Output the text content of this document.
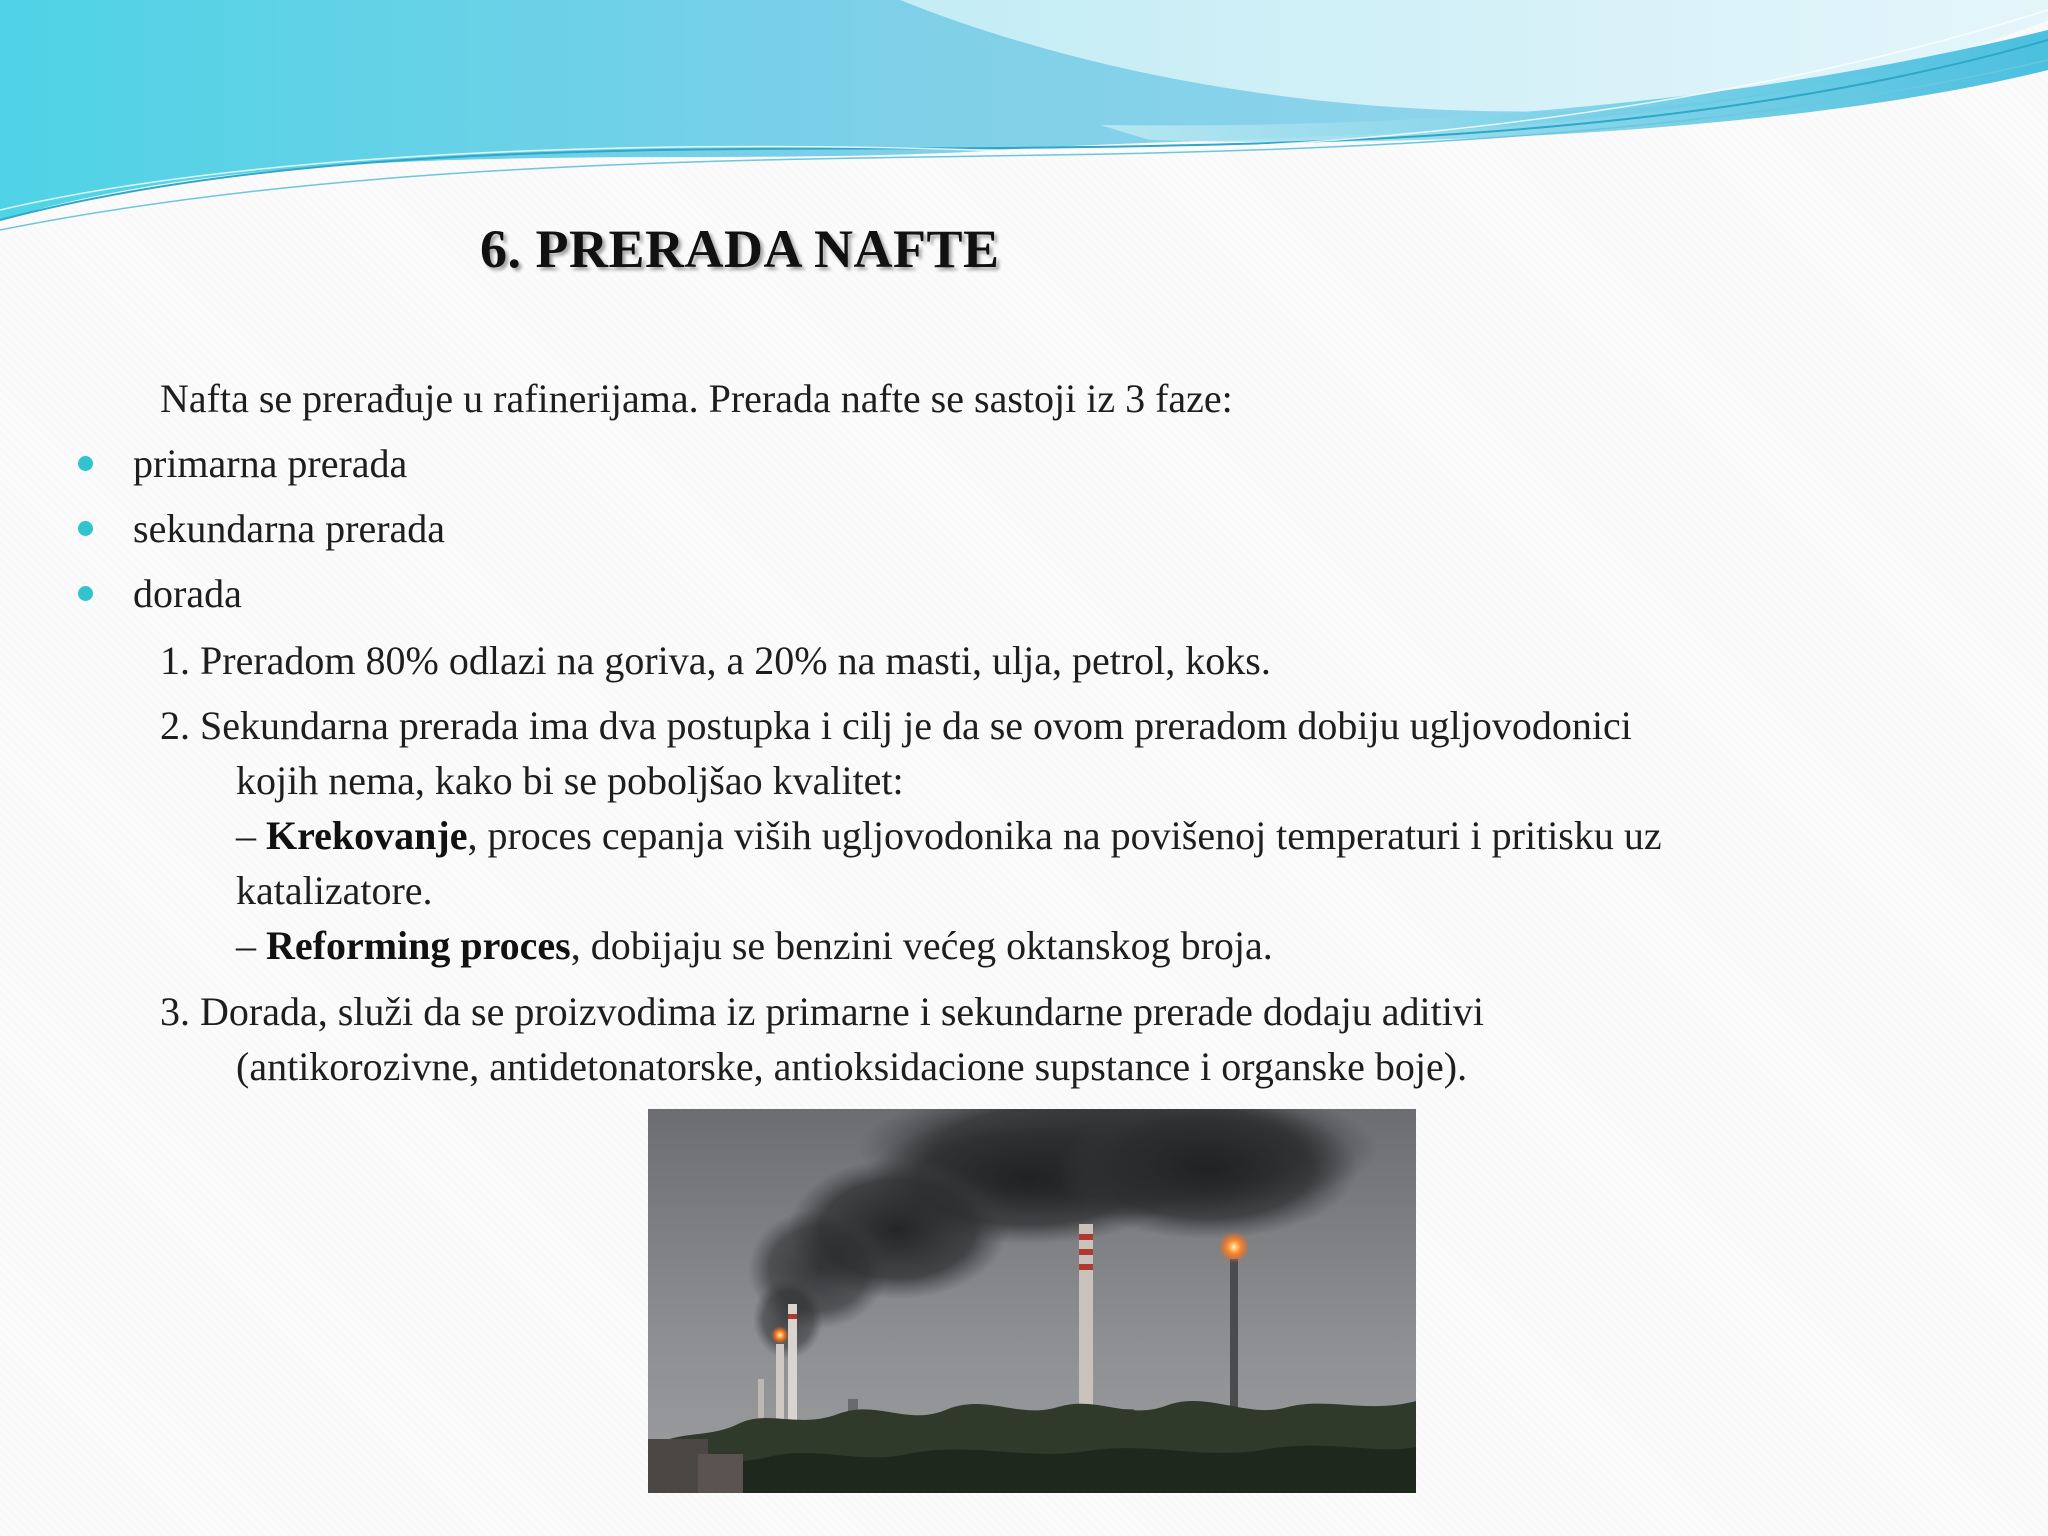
6. PRERADA NAFTE
Nafta se prerađuje u rafinerijama. Prerada nafte se sastoji iz 3 faze:
primarna prerada
sekundarna prerada
dorada
1. Preradom 80% odlazi na goriva, a 20% na masti, ulja, petrol, koks.
2. Sekundarna prerada ima dva postupka i cilj je da se ovom preradom dobiju ugljovodonici
kojih nema, kako bi se poboljšao kvalitet:
– Krekovanje, proces cepanja viših ugljovodonika na povišenoj temperaturi i pritisku uz
katalizatore.
– Reforming proces, dobijaju se benzini većeg oktanskog broja.
3. Dorada, služi da se proizvodima iz primarne i sekundarne prerade dodaju aditivi
(antikorozivne, antidetonatorske, antioksidacione supstance i organske boje).
